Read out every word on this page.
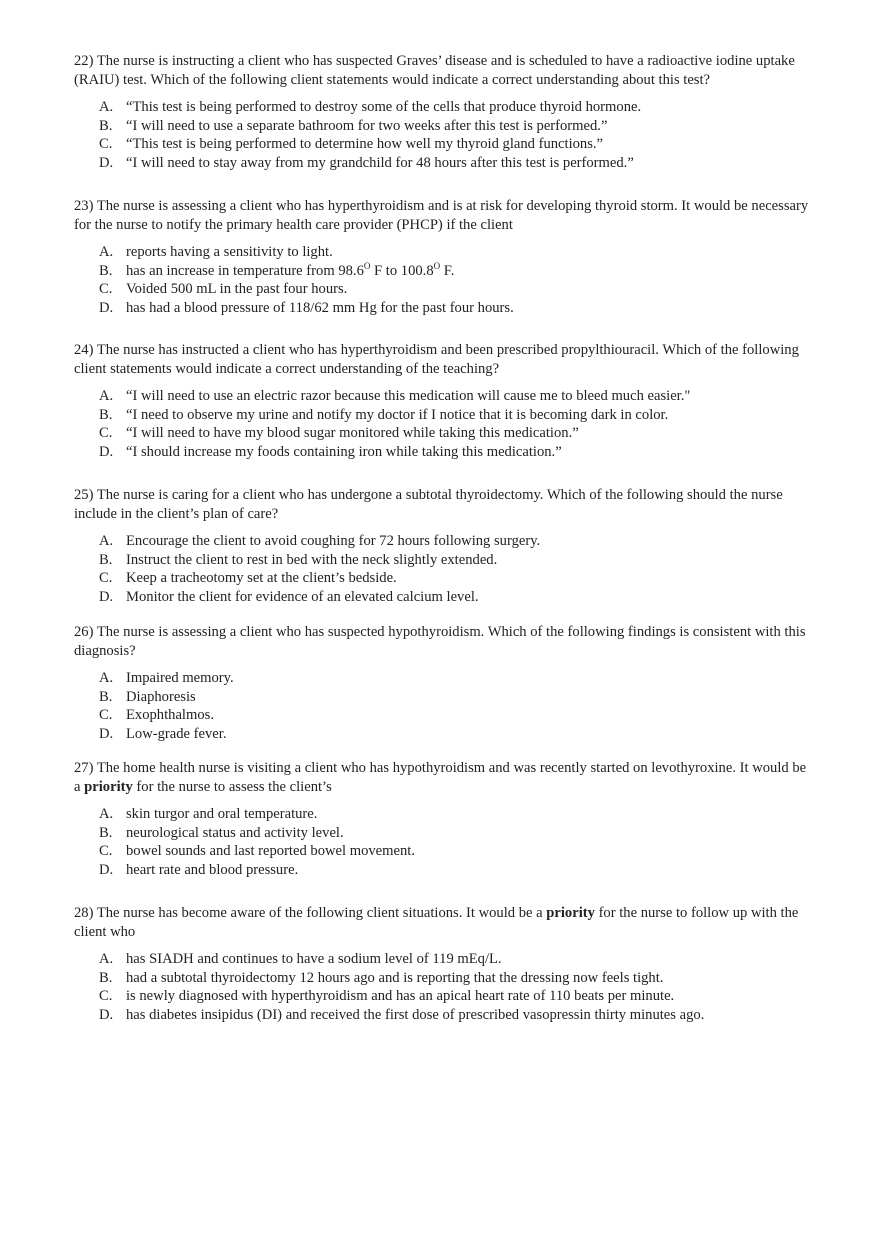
22) The nurse is instructing a client who has suspected Graves’ disease and is scheduled to have a radioactive iodine uptake (RAIU) test. Which of the following client statements would indicate a correct understanding about this test?

A. “This test is being performed to destroy some of the cells that produce thyroid hormone.
B. “I will need to use a separate bathroom for two weeks after this test is performed.”
C. “This test is being performed to determine how well my thyroid gland functions.”
D. “I will need to stay away from my grandchild for 48 hours after this test is performed.”

23) The nurse is assessing a client who has hyperthyroidism and is at risk for developing thyroid storm. It would be necessary for the nurse to notify the primary health care provider (PHCP) if the client

A. reports having a sensitivity to light.
B. has an increase in temperature from $98.6^O$ F to $100.8^O$ F.
C. Voided 500 mL in the past four hours.
D. has had a blood pressure of 118/62 mm Hg for the past four hours.

24) The nurse has instructed a client who has hyperthyroidism and been prescribed propylthiouracil. Which of the following client statements would indicate a correct understanding of the teaching?

A. “I will need to use an electric razor because this medication will cause me to bleed much easier."
B. “I need to observe my urine and notify my doctor if I notice that it is becoming dark in color.
C. “I will need to have my blood sugar monitored while taking this medication.”
D. “I should increase my foods containing iron while taking this medication.”

25) The nurse is caring for a client who has undergone a subtotal thyroidectomy. Which of the following should the nurse include in the client’s plan of care?

A. Encourage the client to avoid coughing for 72 hours following surgery.
B. Instruct the client to rest in bed with the neck slightly extended.
C. Keep a tracheotomy set at the client’s bedside.
D. Monitor the client for evidence of an elevated calcium level.

26) The nurse is assessing a client who has suspected hypothyroidism. Which of the following findings is consistent with this diagnosis?

A. Impaired memory.
B. Diaphoresis
C. Exophthalmos.
D. Low-grade fever.

27) The home health nurse is visiting a client who has hypothyroidism and was recently started on levothyroxine. It would be a priority for the nurse to assess the client’s

A. skin turgor and oral temperature.
B. neurological status and activity level.
C. bowel sounds and last reported bowel movement.
D. heart rate and blood pressure.

28) The nurse has become aware of the following client situations. It would be a priority for the nurse to follow up with the client who

A. has SIADH and continues to have a sodium level of 119 mEq/L.
B. had a subtotal thyroidectomy 12 hours ago and is reporting that the dressing now feels tight.
C. is newly diagnosed with hyperthyroidism and has an apical heart rate of 110 beats per minute.
D. has diabetes insipidus (DI) and received the first dose of prescribed vasopressin thirty minutes ago.
